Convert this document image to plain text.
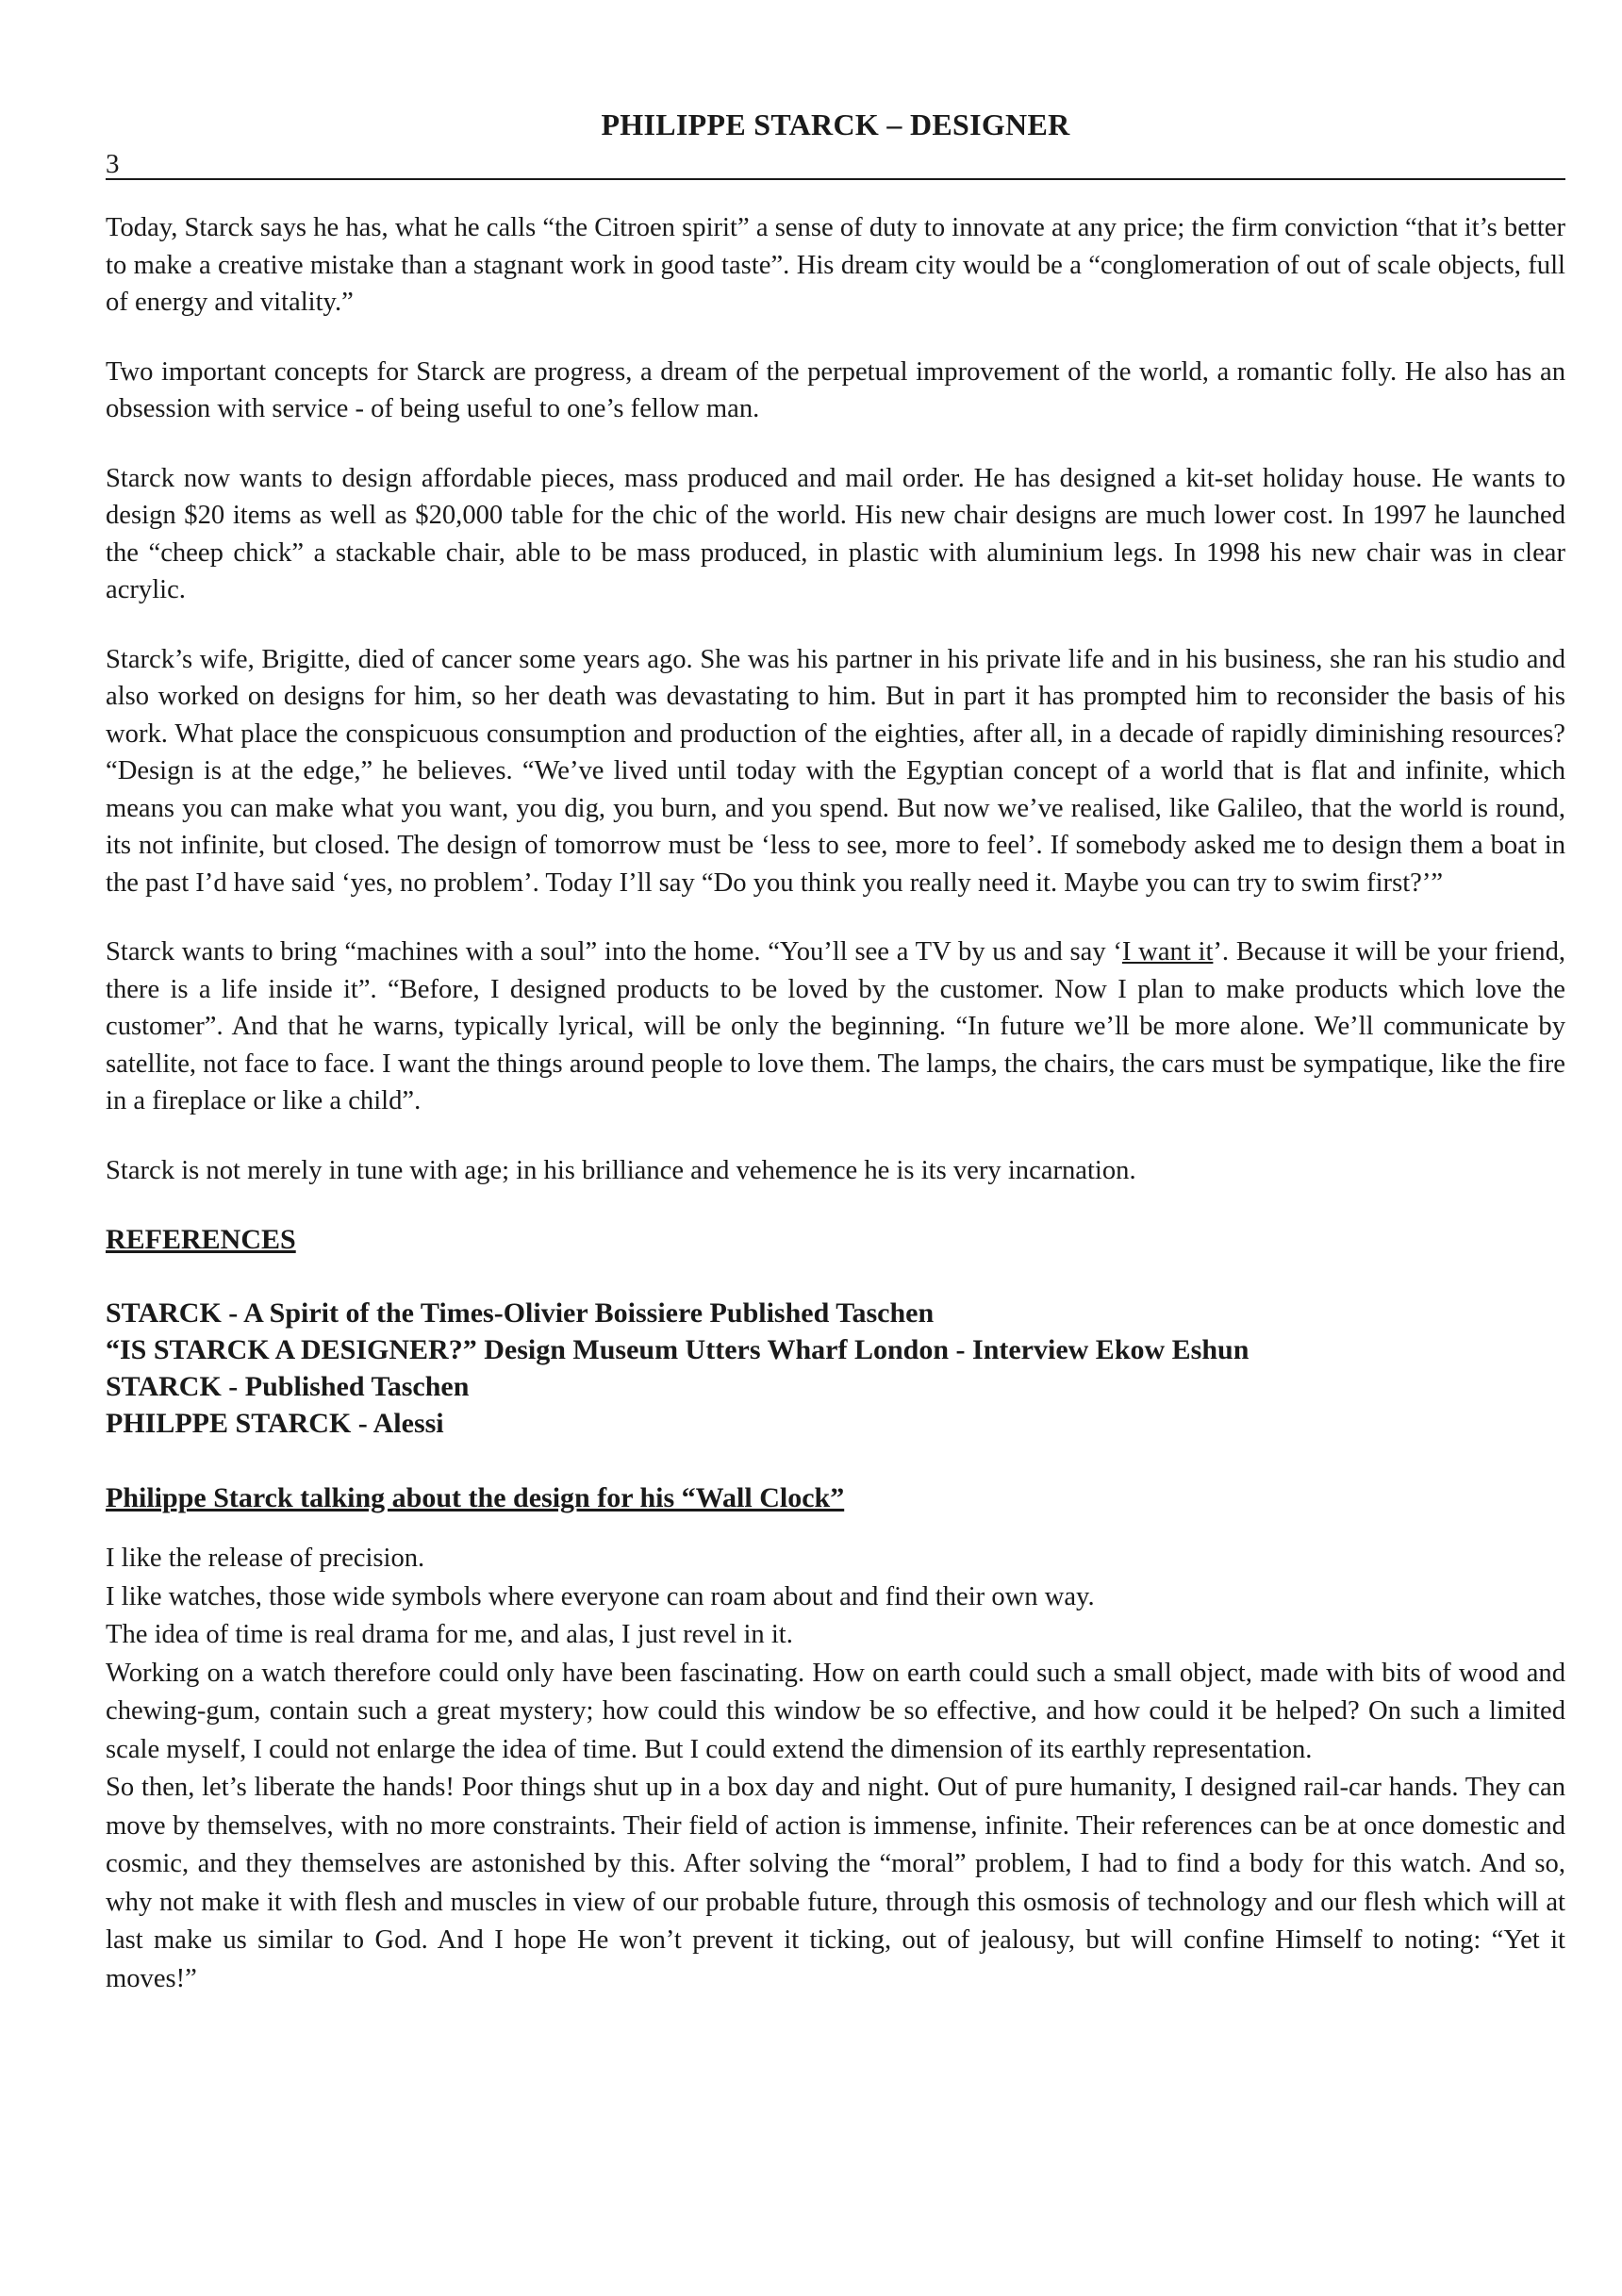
PHILIPPE STARCK – DESIGNER
3

Today, Starck says he has, what he calls “the Citroen spirit” a sense of duty to innovate at any price; the firm conviction “that it’s better to make a creative mistake than a stagnant work in good taste”. His dream city would be a “conglomeration of out of scale objects, full of energy and vitality.”

Two important concepts for Starck are progress, a dream of the perpetual improvement of the world, a romantic folly. He also has an obsession with service - of being useful to one’s fellow man.

Starck now wants to design affordable pieces, mass produced and mail order. He has designed a kit-set holiday house. He wants to design $20 items as well as $20,000 table for the chic of the world. His new chair designs are much lower cost. In 1997 he launched the “cheep chick” a stackable chair, able to be mass produced, in plastic with aluminium legs. In 1998 his new chair was in clear acrylic.

Starck’s wife, Brigitte, died of cancer some years ago. She was his partner in his private life and in his business, she ran his studio and also worked on designs for him, so her death was devastating to him. But in part it has prompted him to reconsider the basis of his work. What place the conspicuous consumption and production of the eighties, after all, in a decade of rapidly diminishing resources? “Design is at the edge,” he believes. “We’ve lived until today with the Egyptian concept of a world that is flat and infinite, which means you can make what you want, you dig, you burn, and you spend. But now we’ve realised, like Galileo, that the world is round, its not infinite, but closed. The design of tomorrow must be ‘less to see, more to feel’. If somebody asked me to design them a boat in the past I’d have said ‘yes, no problem’. Today I’ll say “Do you think you really need it. Maybe you can try to swim first?’”

Starck wants to bring “machines with a soul” into the home. “You’ll see a TV by us and say ‘I want it’. Because it will be your friend, there is a life inside it”. “Before, I designed products to be loved by the customer. Now I plan to make products which love the customer”. And that he warns, typically lyrical, will be only the beginning. “In future we’ll be more alone. We’ll communicate by satellite, not face to face. I want the things around people to love them. The lamps, the chairs, the cars must be sympatique, like the fire in a fireplace or like a child”.

Starck is not merely in tune with age; in his brilliance and vehemence he is its very incarnation.

REFERENCES
STARCK - A Spirit of the Times-Olivier Boissiere Published Taschen
“IS STARCK A DESIGNER?” Design Museum Utters Wharf London - Interview Ekow Eshun
STARCK - Published Taschen
PHILPPE STARCK - Alessi
Philippe Starck talking about the design for his “Wall Clock”
I like the release of precision.
I like watches, those wide symbols where everyone can roam about and find their own way.
The idea of time is real drama for me, and alas, I just revel in it.
Working on a watch therefore could only have been fascinating. How on earth could such a small object, made with bits of wood and chewing-gum, contain such a great mystery; how could this window be so effective, and how could it be helped? On such a limited scale myself, I could not enlarge the idea of time. But I could extend the dimension of its earthly representation.
So then, let’s liberate the hands! Poor things shut up in a box day and night. Out of pure humanity, I designed rail-car hands. They can move by themselves, with no more constraints. Their field of action is immense, infinite. Their references can be at once domestic and cosmic, and they themselves are astonished by this. After solving the “moral” problem, I had to find a body for this watch. And so, why not make it with flesh and muscles in view of our probable future, through this osmosis of technology and our flesh which will at last make us similar to God. And I hope He won’t prevent it ticking, out of jealousy, but will confine Himself to noting: “Yet it moves!”
